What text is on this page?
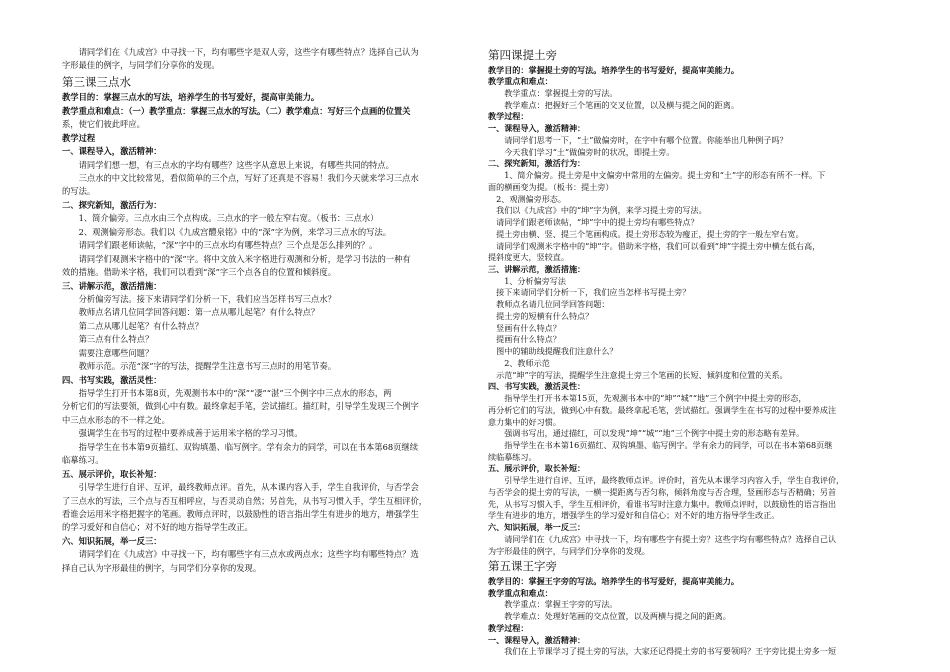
请同学们在《九成宫》中寻找一下，均有哪些字是双人旁，这些字有哪些特点？选择自己认为
字形最佳的例字，与同学们分享你的发现。
第三课三点水
教学目的：掌握三点水的写法，培养学生的书写爱好，提高审美能力。
教学重点和难点：（一）教学重点：掌握三点水的写法。（二）教学难点：写好三个点画的位置关
系，使它们彼此呼应。
教学过程
一、课程导入，激活精神：
请同学们想一想，有三点水的字均有哪些？这些字从意思上来说，有哪些共同的特点。
三点水的中文比较常见，看似简单的三个点，写好了还真是不容易！我们今天就来学习三点水
的写法。
二、探究新知，激活行为：
1、简介偏旁。三点水由三个点构成。三点水的字一般左窄右宽。（板书：三点水）
2、观测偏旁形态。我们以《九成宫醴泉铭》中的“深”字为例，来学习三点水的写法。
请同学们跟老师读帖，“深”字中的三点水均有哪些特点？三个点是怎么排列的？。
请同学们观测米字格中的“深”字。将中文放入米字格进行观测和分析，是学习书法的一种有
效的措施。借助米字格，我们可以看到“深”字三个点各自的位置和倾斜度。
三、讲解示范，激活措施：
分析偏旁写法。接下来请同学们分析一下，我们应当怎样书写三点水？
教师点名请几位同学回答问题：第一点从哪儿起笔？有什么特点？
第二点从哪儿起笔？有什么特点？
第三点有什么特点？
需要注意哪些问题？
教师示范。示范“深”字的写法，提醒学生注意书写三点时的用笔节奏。
四、书写实践，激活灵性：
指导学生打开书本第8页，先观测书本中的“深”“凄”“湛”三个例字中三点水的形态，两
分析它们的写法要领，做到心中有数。最终拿起手笔，尝试描红。描红时，引导学生发现三个例字
中三点水形态的不一样之处。
强调学生在书写的过程中要养成善于运用米字格的学习习惯。
指导学生在书本第9页描红、双钩填墨、临写例字。学有余力的同学，可以在书本第68页继续
临摹练习。
五、展示评价，取长补短：
引导学生进行自评、互评，最终教师点评。首先，从本课内容入手，学生自我评价，与否学会
了三点水的写法，三个点与否互相呼应，与否灵动自然；另首先，从书写习惯入手，学生互相评价，
看谁会运用米字格把握字的笔画。教师点评时，以鼓励性的语言指出学生有进步的地方，增强学生
的学习爱好和自信心；对不好的地方指导学生改正。
六、知识拓展，举一反三：
请同学们在《九成宫》中寻找一下，均有哪些字有三点水或两点水；这些字均有哪些特点？选
择自己认为字形最佳的例字，与同学们分享你的发现。
第四课提土旁
教学目的：掌握提土旁的写法。培养学生的书写爱好，提高审美能力。
教学重点和难点：
教学重点：掌握提土旁的写法。
教学难点：把握好三个笔画的交叉位置，以及横与提之间的距离。
教学过程：
一、课程导入，激活精神：
请同学们思考一下，“土”做偏旁时，在字中有哪个位置。你能举出几种例子吗？
今天我们学习“土”做偏旁时的状况，即提土旁。
二、探究新知，激活行为：
1、简介偏旁。提土旁是中文偏旁中常用的左偏旁。提土旁和“土”字的形态有所不一样。下
面的横画变为提。（板书：提土旁）
2、观测偏旁形态。
我们以《九成宫》中的“坤”字为例，来学习提土旁的写法。
请同学们跟老师读帖，“坤”字中的提土旁均有哪些特点？
提土旁由横、竖、提三个笔画构成。提土旁形态较为瘦正，提土旁的字一般左窄右宽。
请同学们观测米字格中的“坤”字。借助米字格，我们可以看到“坤”字提土旁中横左低右高，
提斜度更大，竖较直。
三、讲解示范，激活措施：
1、分析偏旁写法
接下来请同学们分析一下，我们应当怎样书写提土旁？
教师点名请几位同学回答问题：
提土旁的短横有什么特点？
竖画有什么特点？
提画有什么特点？
图中的辅助线提醒我们注意什么？
2、教师示范
示范“坤”字的写法，提醒学生注意提土旁三个笔画的长短、倾斜度和位置的关系。
四、书写实践，激活灵性：
指导学生打开书本第15页，先观测书本中的“坤”“城”“地”三个例字中提土旁的形态，
再分析它们的写法，做到心中有数。最终拿起毛笔，尝试描红。强调学生在书写的过程中要养成注
意力集中的好习惯。
强调书写出，通过描红，可以发现“坤”“城”“地”三个例字中提土旁的形态略有差异。
指导学生在书本第16页描红、双钩填墨、临写例字。学有余力的同学，可以在书本第68页继
续临摹练习。
五、展示评价，取长补短：
引导学生进行自评、互评，最终教师点评。评价时，首先从本课学习内容入手，学生自我评价，
与否学会的提土旁的写法，一横一提距离与否匀称，倾斜角度与否合理，竖画形态与否精确；另首
先，从书写习惯入手，学生互相评价，看谁书写时注意力集中。教师点评时，以鼓励性的语言指出
学生有进步的地方，增强学生的学习爱好和自信心；对不好的地方指导学生改正。
六、知识拓展，举一反三：
请同学们在《九成宫》中寻找一下，均有哪些字有提土旁？这些字均有哪些特点？选择自己认
为字形最佳的例字，与同学们分享你的发现。
第五课王字旁
教学目的：掌握王字旁的写法。培养学生的书写爱好，提高审美能力。
教学重点和难点：
教学重点：掌握王字旁的写法。
教学难点：处理好笔画的交点位置，以及两横与提之间的距离。
教学过程：
一、课程导入，激活精神：
我们在上节课学习了提土旁的写法，大家还记得提土旁的书写要领吗？王字旁比提土旁多一短
